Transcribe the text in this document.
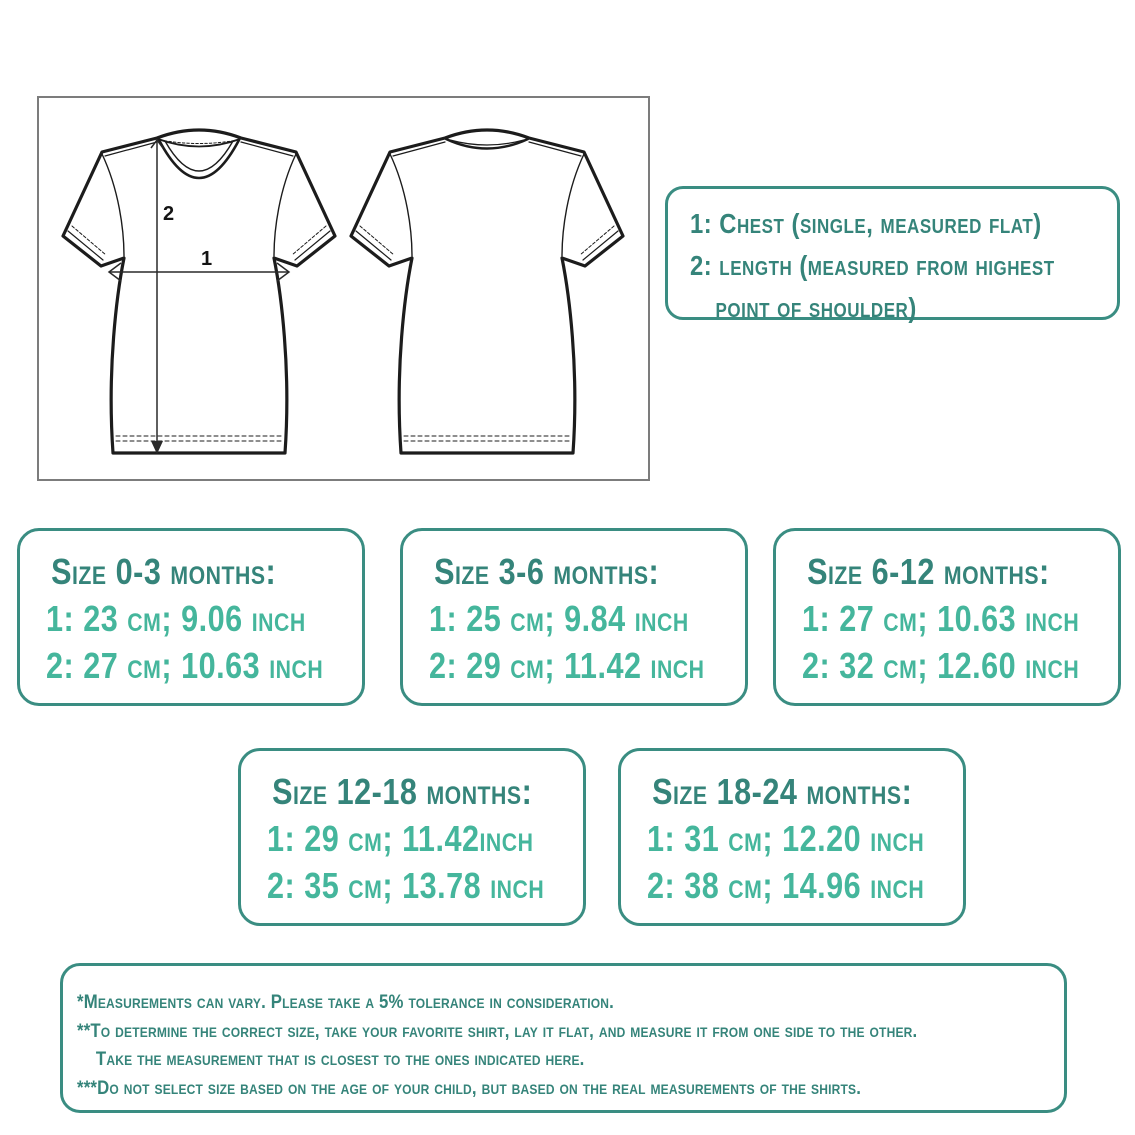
2
1
1: Chest (single, measured flat)
2: length (measured from highest
point of shoulder)
Size 0-3 months:
1: 23 cm; 9.06 inch
2: 27 cm; 10.63 inch
Size 3-6 months:
1: 25 cm; 9.84 inch
2: 29 cm; 11.42 inch
Size 6-12 months:
1: 27 cm; 10.63 inch
2: 32 cm; 12.60 inch
Size 12-18 months:
1: 29 cm; 11.42inch
2: 35 cm; 13.78 inch
Size 18-24 months:
1: 31 cm; 12.20 inch
2: 38 cm; 14.96 inch
*Measurements can vary. Please take a 5% tolerance in consideration.
**To determine the correct size, take your favorite shirt, lay it flat, and measure it from one side to the other.
Take the measurement that is closest to the ones indicated here.
***Do not select size based on the age of your child, but based on the real measurements of the shirts.
